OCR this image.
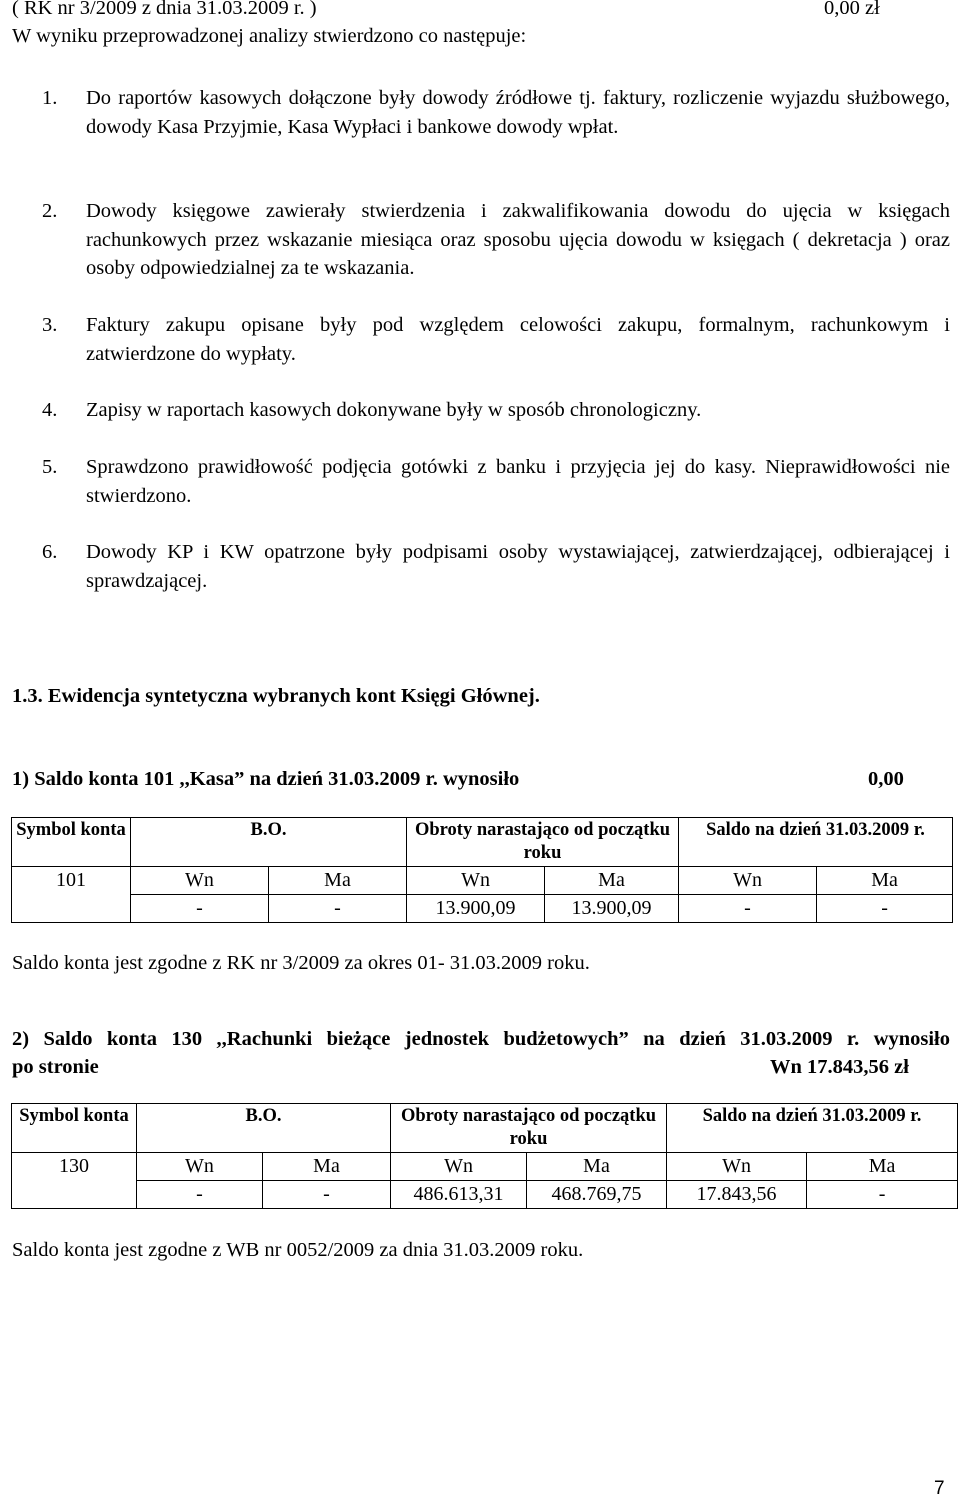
( RK nr 3/2009 z dnia 31.03.2009 r. )	0,00 zł
W wyniku przeprowadzonej analizy stwierdzono co następuje:
1.	Do raportów kasowych dołączone były dowody źródłowe tj. faktury, rozliczenie wyjazdu służbowego, dowody Kasa Przyjmie, Kasa Wypłaci i bankowe dowody wpłat.
2.	Dowody księgowe zawierały stwierdzenia i zakwalifikowania dowodu do ujęcia w księgach rachunkowych przez wskazanie miesiąca oraz sposobu ujęcia dowodu w księgach ( dekretacja ) oraz osoby odpowiedzialnej za te wskazania.
3.	Faktury zakupu opisane były pod względem celowości zakupu, formalnym, rachunkowym i zatwierdzone do wypłaty.
4.	Zapisy w raportach kasowych dokonywane były w sposób chronologiczny.
5.	Sprawdzono prawidłowość podjęcia gotówki z banku i przyjęcia jej do kasy. Nieprawidłowości nie stwierdzono.
6.	Dowody KP i KW opatrzone były podpisami osoby wystawiającej, zatwierdzającej, odbierającej i sprawdzającej.
1.3. Ewidencja syntetyczna wybranych kont Księgi Głównej.
1) Saldo konta 101 ,,Kasa” na dzień 31.03.2009 r. wynosiło	0,00
Symbol konta	B.O.		Obroty narastająco od początku roku		Saldo na dzień 31.03.2009 r.	
101	Wn	Ma	Wn	Ma	Wn	Ma
	-	-	13.900,09	13.900,09	-	-
Saldo konta jest zgodne z RK nr 3/2009 za okres 01- 31.03.2009 roku.
2) Saldo konta 130 ,,Rachunki bieżące jednostek budżetowych” na dzień 31.03.2009 r. wynosiło
po stronie	Wn 17.843,56 zł
Symbol konta	B.O.		Obroty narastająco od początku roku		Saldo na dzień 31.03.2009 r.	
130	Wn	Ma	Wn	Ma	Wn	Ma
	-	-	486.613,31	468.769,75	17.843,56	-
Saldo konta jest zgodne z WB nr 0052/2009 za dnia 31.03.2009 roku.
7
